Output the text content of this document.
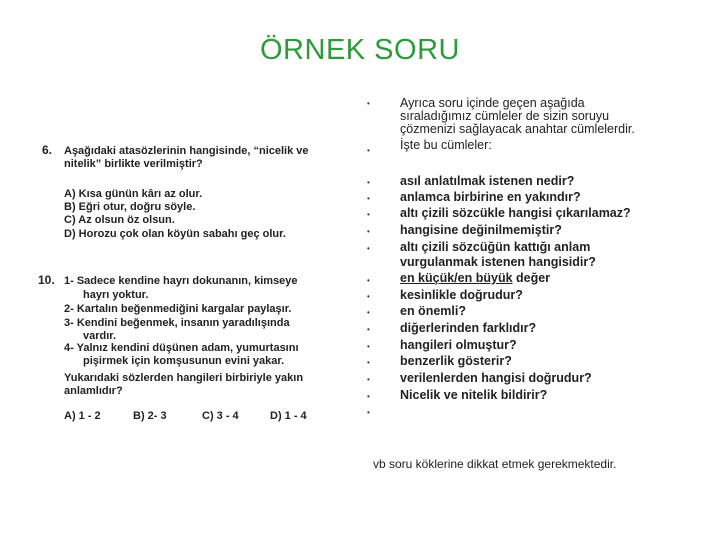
ÖRNEK SORU
6.	Aşağıdaki atasözlerinin hangisinde, “nicelik ve
nitelik” birlikte verilmiştir?
A) Kısa günün kârı az olur.
B) Eğri otur, doğru söyle.
C) Az olsun öz olsun.
D) Horozu çok olan köyün sabahı geç olur.
10. 1- Sadece kendine hayrı dokunanın, kimseye
hayrı yoktur.
2- Kartalın beğenmediğini kargalar paylaşır.
3- Kendini beğenmek, insanın yaradılışında
vardır.
4- Yalnız kendini düşünen adam, yumurtasını
pişirmek için komşusunun evini yakar.
Yukarıdaki sözlerden hangileri birbiriyle yakın
anlamlıdır?
A) 1 - 2	B) 2- 3	C) 3 - 4	D) 1 - 4
•
•
•
•
•
•
•
•
•
•
•
•
•
•
•
•
Ayrıca soru içinde geçen aşağıda
sıraladığımız cümleler de sizin soruyu
çözmenizi sağlayacak anahtar cümlelerdir.
İşte bu cümleler:
asıl anlatılmak istenen nedir?
anlamca birbirine en yakındır?
altı çizili sözcükle hangisi çıkarılamaz?
hangisine değinilmemiştir?
altı çizili sözcüğün kattığı anlam
vurgulanmak istenen hangisidir?
en küçük/en büyük değer
kesinlikle doğrudur?
en önemli?
diğerlerinden farklıdır?
hangileri olmuştur?
benzerlik gösterir?
verilenlerden hangisi doğrudur?
Nicelik ve nitelik bildirir?
vb soru köklerine dikkat etmek gerekmektedir.
